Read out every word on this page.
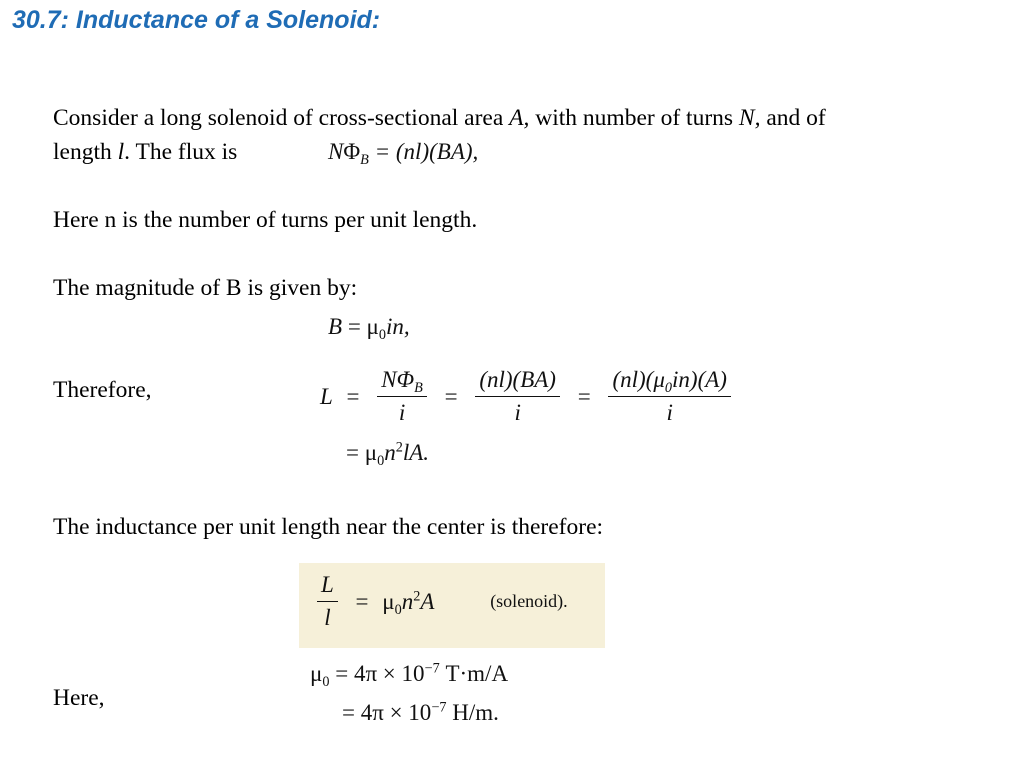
30.7: Inductance of a Solenoid:
Consider a long solenoid of cross-sectional area A, with number of turns N, and of
length l. The flux is	$N\Phi_B = (nl)(BA)$,
Here n is the number of turns per unit length.
The magnitude of B is given by:
$B = \mu_0in$,
Therefore,	$L = \frac{N\Phi_B}{i} = \frac{(nl)(BA)}{i} = \frac{(nl)(\mu_0in)(A)}{i}$
= $\mu_0n^2lA$.
The inductance per unit length near the center is therefore:
$\frac{L}{l} = \mu_0n^2A$	(solenoid).
Here,
$\mu_0 = 4\pi \times 10^{-7}$ T·m/A
= $4\pi \times 10^{-7}$ H/m.
